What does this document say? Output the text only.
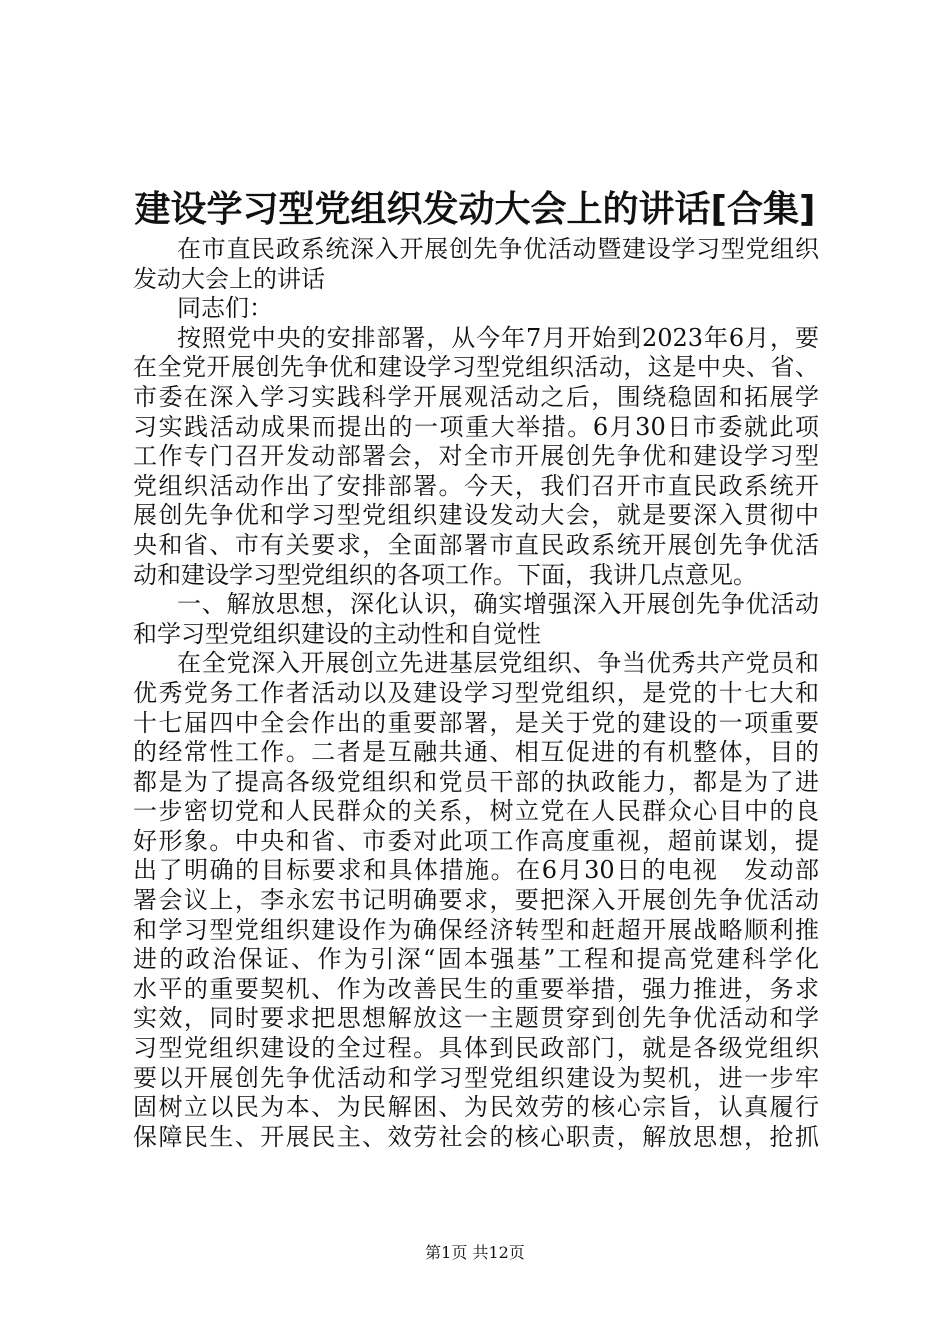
建设学习型党组织发动大会上的讲话[合集]
在市直民政系统深入开展创先争优活动暨建设学习型党组织
发动大会上的讲话
同志们：
按照党中央的安排部署，从今年7月开始到2023年6月，要
在全党开展创先争优和建设学习型党组织活动，这是中央、省、
市委在深入学习实践科学开展观活动之后，围绕稳固和拓展学
习实践活动成果而提出的一项重大举措。6月30日市委就此项
工作专门召开发动部署会，对全市开展创先争优和建设学习型
党组织活动作出了安排部署。今天，我们召开市直民政系统开
展创先争优和学习型党组织建设发动大会，就是要深入贯彻中
央和省、市有关要求，全面部署市直民政系统开展创先争优活
动和建设学习型党组织的各项工作。下面，我讲几点意见。
一、解放思想，深化认识，确实增强深入开展创先争优活动
和学习型党组织建设的主动性和自觉性
在全党深入开展创立先进基层党组织、争当优秀共产党员和
优秀党务工作者活动以及建设学习型党组织，是党的十七大和
十七届四中全会作出的重要部署，是关于党的建设的一项重要
的经常性工作。二者是互融共通、相互促进的有机整体，目的
都是为了提高各级党组织和党员干部的执政能力，都是为了进
一步密切党和人民群众的关系，树立党在人民群众心目中的良
好形象。中央和省、市委对此项工作高度重视，超前谋划，提
出了明确的目标要求和具体措施。在6月30日的电视　发动部
署会议上，李永宏书记明确要求，要把深入开展创先争优活动
和学习型党组织建设作为确保经济转型和赶超开展战略顺利推
进的政治保证、作为引深“固本强基”工程和提高党建科学化
水平的重要契机、作为改善民生的重要举措，强力推进，务求
实效，同时要求把思想解放这一主题贯穿到创先争优活动和学
习型党组织建设的全过程。具体到民政部门，就是各级党组织
要以开展创先争优活动和学习型党组织建设为契机，进一步牢
固树立以民为本、为民解困、为民效劳的核心宗旨，认真履行
保障民生、开展民主、效劳社会的核心职责，解放思想，抢抓
第1页 共12页
